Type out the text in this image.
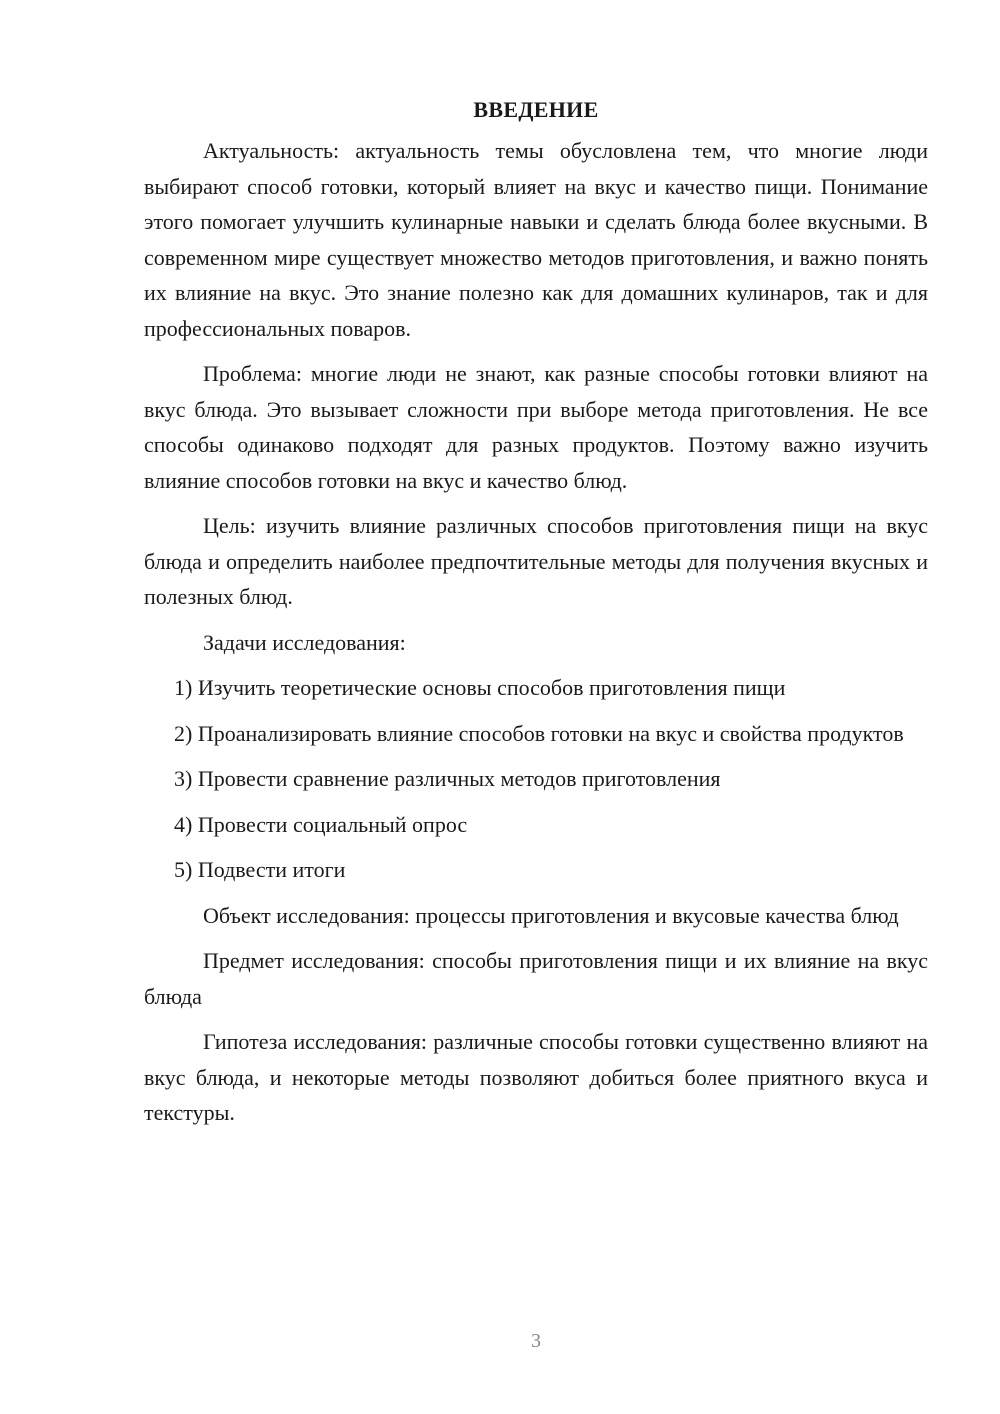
ВВЕДЕНИЕ

Актуальность: актуальность темы обусловлена тем, что многие люди выбирают способ готовки, который влияет на вкус и качество пищи. Понимание этого помогает улучшить кулинарные навыки и сделать блюда более вкусными. В современном мире существует множество методов приготовления, и важно понять их влияние на вкус. Это знание полезно как для домашних кулинаров, так и для профессиональных поваров.

Проблема: многие люди не знают, как разные способы готовки влияют на вкус блюда. Это вызывает сложности при выборе метода приготовления. Не все способы одинаково подходят для разных продуктов. Поэтому важно изучить влияние способов готовки на вкус и качество блюд.

Цель: изучить влияние различных способов приготовления пищи на вкус блюда и определить наиболее предпочтительные методы для получения вкусных и полезных блюд.

Задачи исследования:

1) Изучить теоретические основы способов приготовления пищи

2) Проанализировать влияние способов готовки на вкус и свойства продуктов

3) Провести сравнение различных методов приготовления

4) Провести социальный опрос

5) Подвести итоги

Объект исследования: процессы приготовления и вкусовые качества блюд

Предмет исследования: способы приготовления пищи и их влияние на вкус блюда

Гипотеза исследования: различные способы готовки существенно влияют на вкус блюда, и некоторые методы позволяют добиться более приятного вкуса и текстуры.

3
